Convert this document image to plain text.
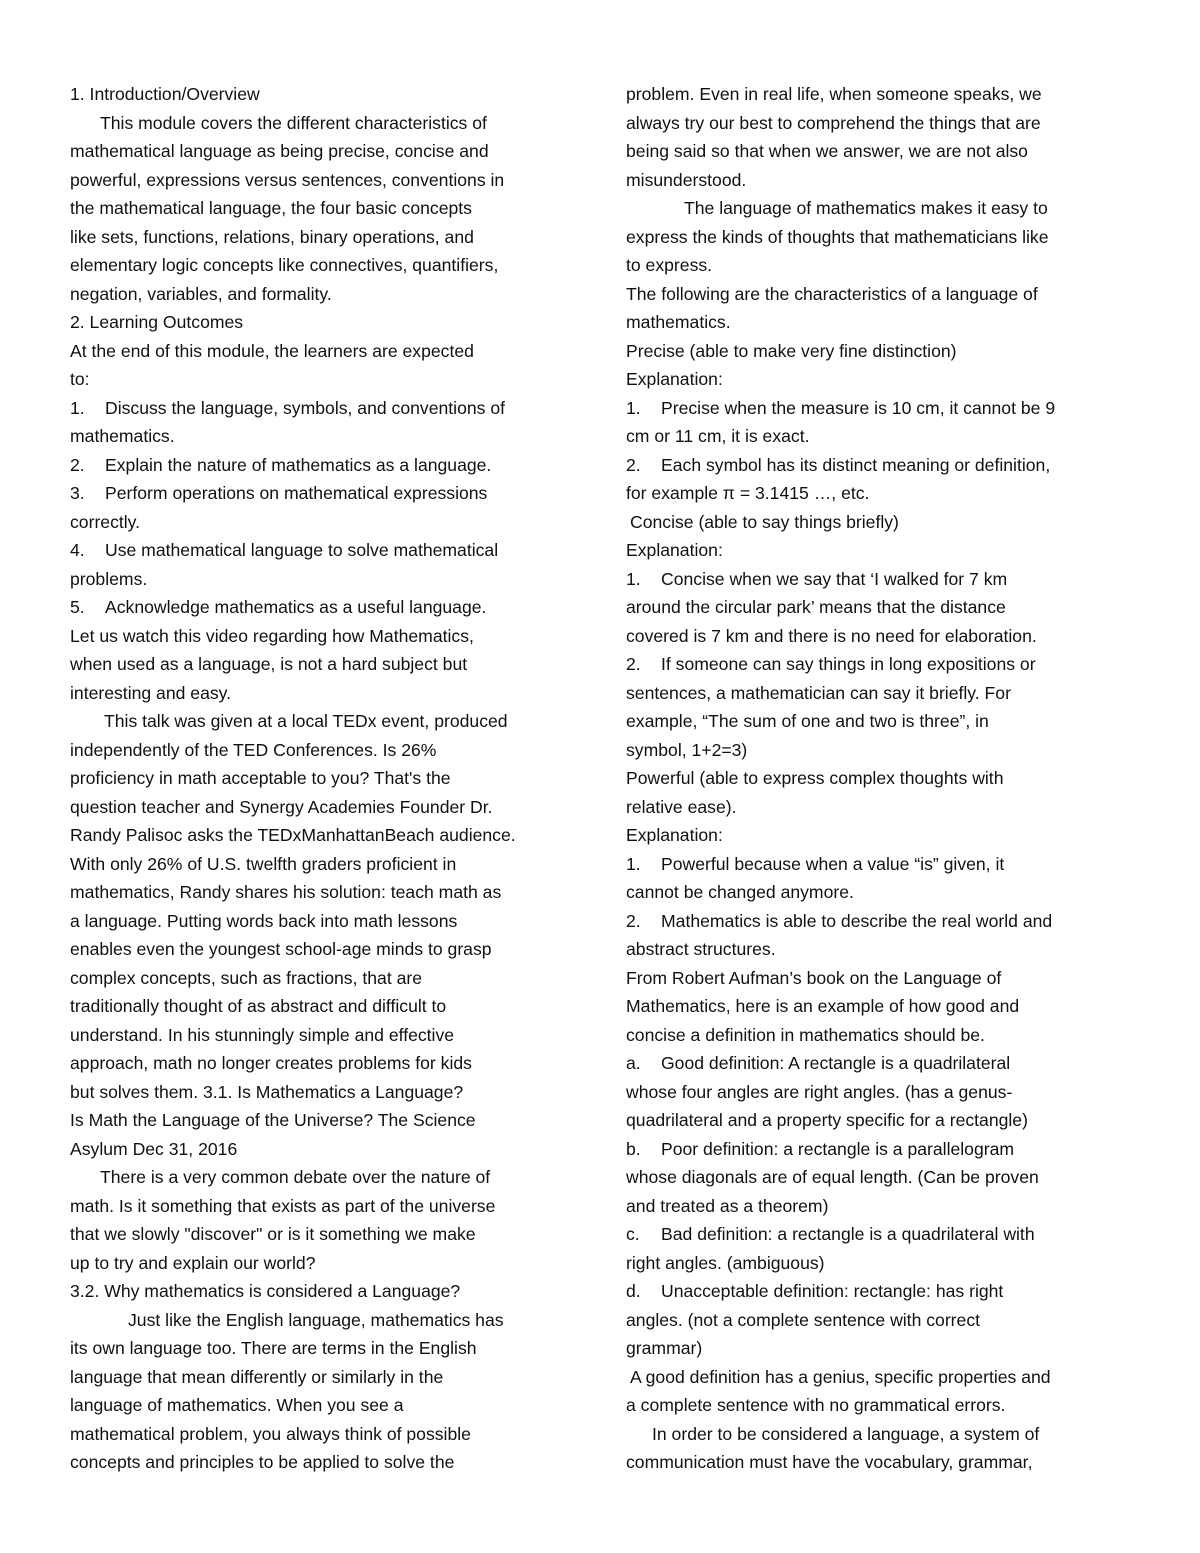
1. Introduction/Overview
This module covers the different characteristics of
mathematical language as being precise, concise and
powerful, expressions versus sentences, conventions in
the mathematical language, the four basic concepts
like sets, functions, relations, binary operations, and
elementary logic concepts like connectives, quantifiers,
negation, variables, and formality.
2. Learning Outcomes
At the end of this module, the learners are expected
to:
1. Discuss the language, symbols, and conventions of
mathematics.
2. Explain the nature of mathematics as a language.
3. Perform operations on mathematical expressions
correctly.
4. Use mathematical language to solve mathematical
problems.
5. Acknowledge mathematics as a useful language.
Let us watch this video regarding how Mathematics,
when used as a language, is not a hard subject but
interesting and easy.
This talk was given at a local TEDx event, produced
independently of the TED Conferences. Is 26%
proficiency in math acceptable to you? That's the
question teacher and Synergy Academies Founder Dr.
Randy Palisoc asks the TEDxManhattanBeach audience.
With only 26% of U.S. twelfth graders proficient in
mathematics, Randy shares his solution: teach math as
a language. Putting words back into math lessons
enables even the youngest school-age minds to grasp
complex concepts, such as fractions, that are
traditionally thought of as abstract and difficult to
understand. In his stunningly simple and effective
approach, math no longer creates problems for kids
but solves them. 3.1. Is Mathematics a Language?
Is Math the Language of the Universe? The Science
Asylum Dec 31, 2016
There is a very common debate over the nature of
math. Is it something that exists as part of the universe
that we slowly "discover" or is it something we make
up to try and explain our world?
3.2. Why mathematics is considered a Language?
Just like the English language, mathematics has
its own language too. There are terms in the English
language that mean differently or similarly in the
language of mathematics. When you see a
mathematical problem, you always think of possible
concepts and principles to be applied to solve the
problem. Even in real life, when someone speaks, we
always try our best to comprehend the things that are
being said so that when we answer, we are not also
misunderstood.
The language of mathematics makes it easy to
express the kinds of thoughts that mathematicians like
to express.
The following are the characteristics of a language of
mathematics.
Precise (able to make very fine distinction)
Explanation:
1. Precise when the measure is 10 cm, it cannot be 9
cm or 11 cm, it is exact.
2. Each symbol has its distinct meaning or definition,
for example π = 3.1415 …, etc.
Concise (able to say things briefly)
Explanation:
1. Concise when we say that ‘I walked for 7 km
around the circular park’ means that the distance
covered is 7 km and there is no need for elaboration.
2. If someone can say things in long expositions or
sentences, a mathematician can say it briefly. For
example, “The sum of one and two is three”, in
symbol, 1+2=3)
Powerful (able to express complex thoughts with
relative ease).
Explanation:
1. Powerful because when a value “is” given, it
cannot be changed anymore.
2. Mathematics is able to describe the real world and
abstract structures.
From Robert Aufman’s book on the Language of
Mathematics, here is an example of how good and
concise a definition in mathematics should be.
a. Good definition: A rectangle is a quadrilateral
whose four angles are right angles. (has a genus-
quadrilateral and a property specific for a rectangle)
b. Poor definition: a rectangle is a parallelogram
whose diagonals are of equal length. (Can be proven
and treated as a theorem)
c. Bad definition: a rectangle is a quadrilateral with
right angles. (ambiguous)
d. Unacceptable definition: rectangle: has right
angles. (not a complete sentence with correct
grammar)
A good definition has a genius, specific properties and
a complete sentence with no grammatical errors.
In order to be considered a language, a system of
communication must have the vocabulary, grammar,
